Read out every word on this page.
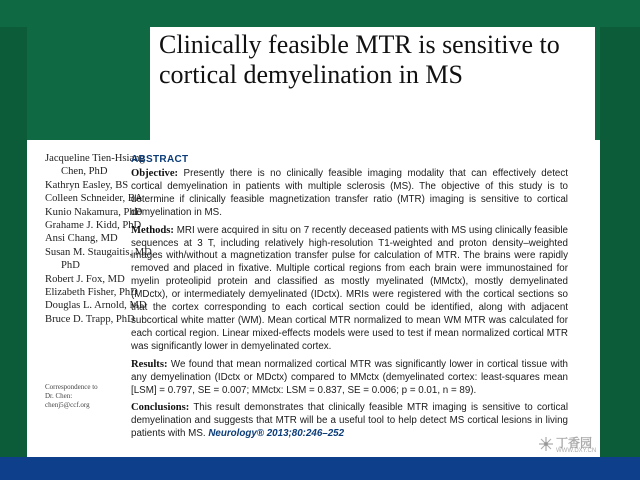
Clinically feasible MTR is sensitive to cortical demyelination in MS
Jacqueline Tien-Hsiang
Chen, PhD
Kathryn Easley, BS
Colleen Schneider, BA
Kunio Nakamura, PhD
Grahame J. Kidd, PhD
Ansi Chang, MD
Susan M. Staugaitis, MD,
PhD
Robert J. Fox, MD
Elizabeth Fisher, PhD
Douglas L. Arnold, MD
Bruce D. Trapp, PhD
Correspondence to
Dr. Chen:
chenj5@ccf.org
ABSTRACT

Objective: Presently there is no clinically feasible imaging modality that can effectively detect cortical demyelination in patients with multiple sclerosis (MS). The objective of this study is to determine if clinically feasible magnetization transfer ratio (MTR) imaging is sensitive to cortical demyelination in MS.

Methods: MRI were acquired in situ on 7 recently deceased patients with MS using clinically feasible sequences at 3 T, including relatively high-resolution T1-weighted and proton density–weighted images with/without a magnetization transfer pulse for calculation of MTR. The brains were rapidly removed and placed in fixative. Multiple cortical regions from each brain were immunostained for myelin proteolipid protein and classified as mostly myelinated (MMctx), mostly demyelinated (MDctx), or intermediately demyelinated (IDctx). MRIs were registered with the cortical sections so that the cortex corresponding to each cortical section could be identified, along with adjacent subcortical white matter (WM). Mean cortical MTR normalized to mean WM MTR was calculated for each cortical region. Linear mixed-effects models were used to test if mean normalized cortical MTR was significantly lower in demyelinated cortex.

Results: We found that mean normalized cortical MTR was significantly lower in cortical tissue with any demyelination (IDctx or MDctx) compared to MMctx (demyelinated cortex: least-squares mean [LSM] = 0.797, SE = 0.007; MMctx: LSM = 0.837, SE = 0.006; p = 0.01, n = 89).

Conclusions: This result demonstrates that clinically feasible MTR imaging is sensitive to cortical demyelination and suggests that MTR will be a useful tool to help detect MS cortical lesions in living patients with MS. Neurology® 2013;80:246–252

丁香园
WWW.DXY.CN
